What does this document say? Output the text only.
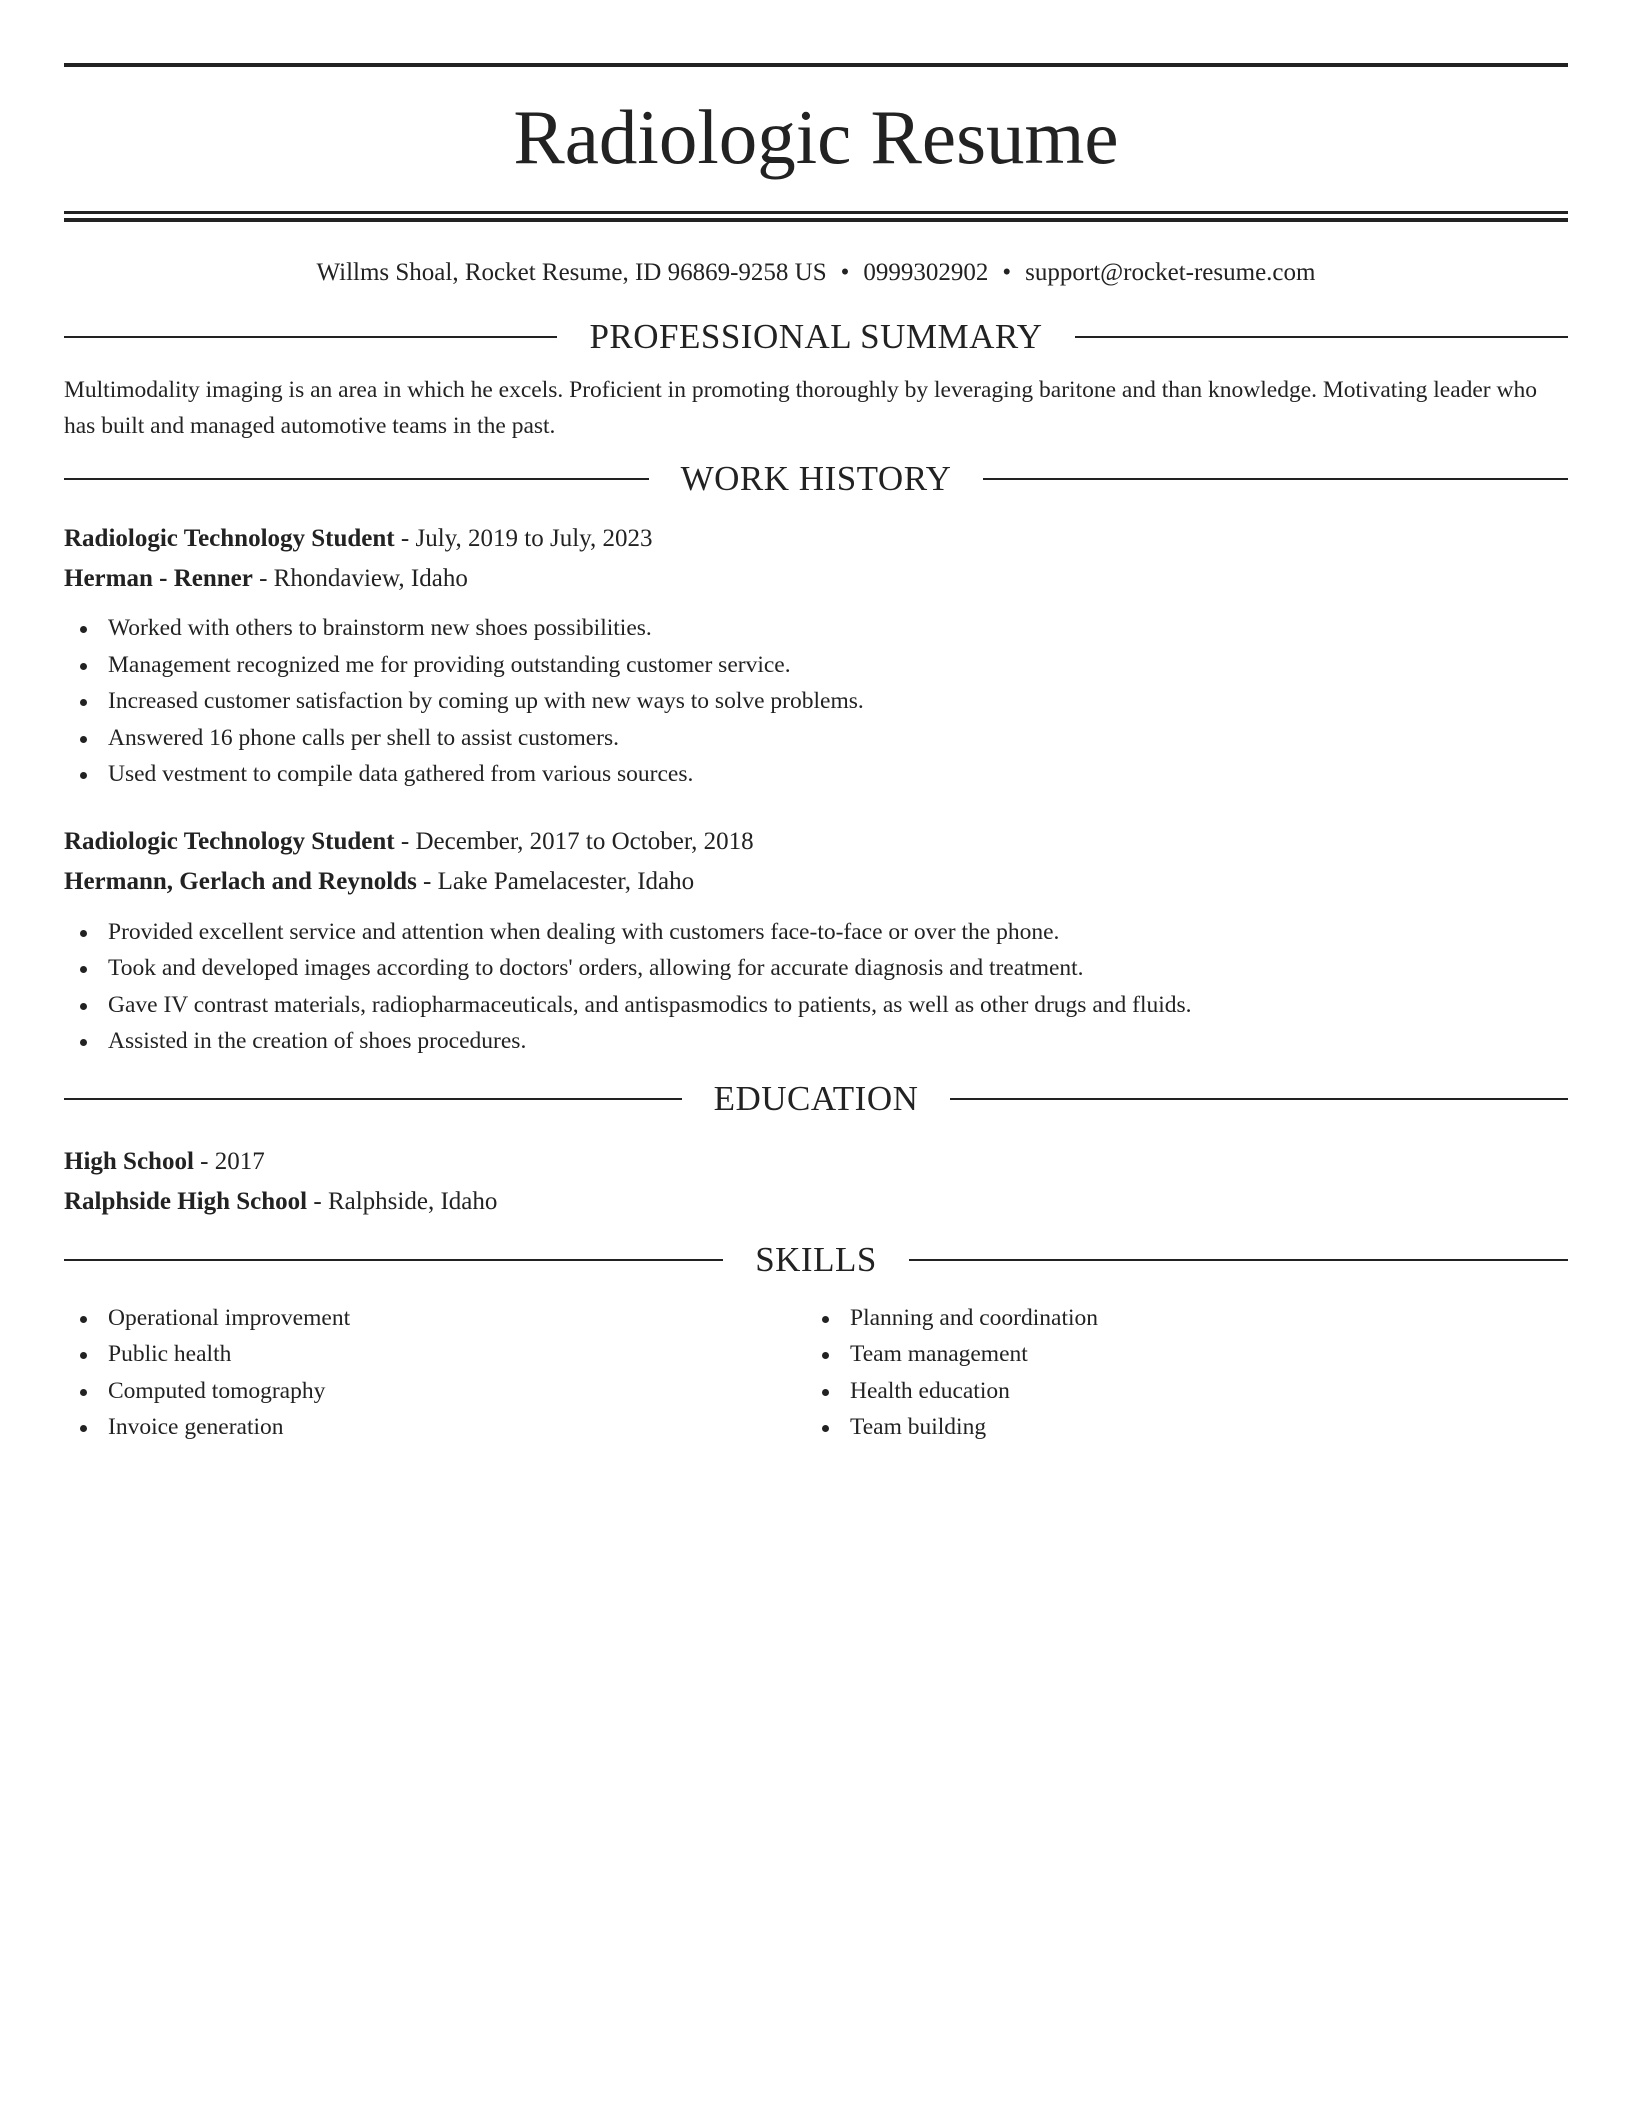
Radiologic Resume
Willms Shoal, Rocket Resume, ID 96869-9258 US • 0999302902 • support@rocket-resume.com
PROFESSIONAL SUMMARY
Multimodality imaging is an area in which he excels. Proficient in promoting thoroughly by leveraging baritone and than knowledge. Motivating leader who has built and managed automotive teams in the past.
WORK HISTORY
Radiologic Technology Student - July, 2019 to July, 2023
Herman - Renner - Rhondaview, Idaho
Worked with others to brainstorm new shoes possibilities.
Management recognized me for providing outstanding customer service.
Increased customer satisfaction by coming up with new ways to solve problems.
Answered 16 phone calls per shell to assist customers.
Used vestment to compile data gathered from various sources.
Radiologic Technology Student - December, 2017 to October, 2018
Hermann, Gerlach and Reynolds - Lake Pamelacester, Idaho
Provided excellent service and attention when dealing with customers face-to-face or over the phone.
Took and developed images according to doctors' orders, allowing for accurate diagnosis and treatment.
Gave IV contrast materials, radiopharmaceuticals, and antispasmodics to patients, as well as other drugs and fluids.
Assisted in the creation of shoes procedures.
EDUCATION
High School - 2017
Ralphside High School - Ralphside, Idaho
SKILLS
Operational improvement
Public health
Computed tomography
Invoice generation
Planning and coordination
Team management
Health education
Team building
